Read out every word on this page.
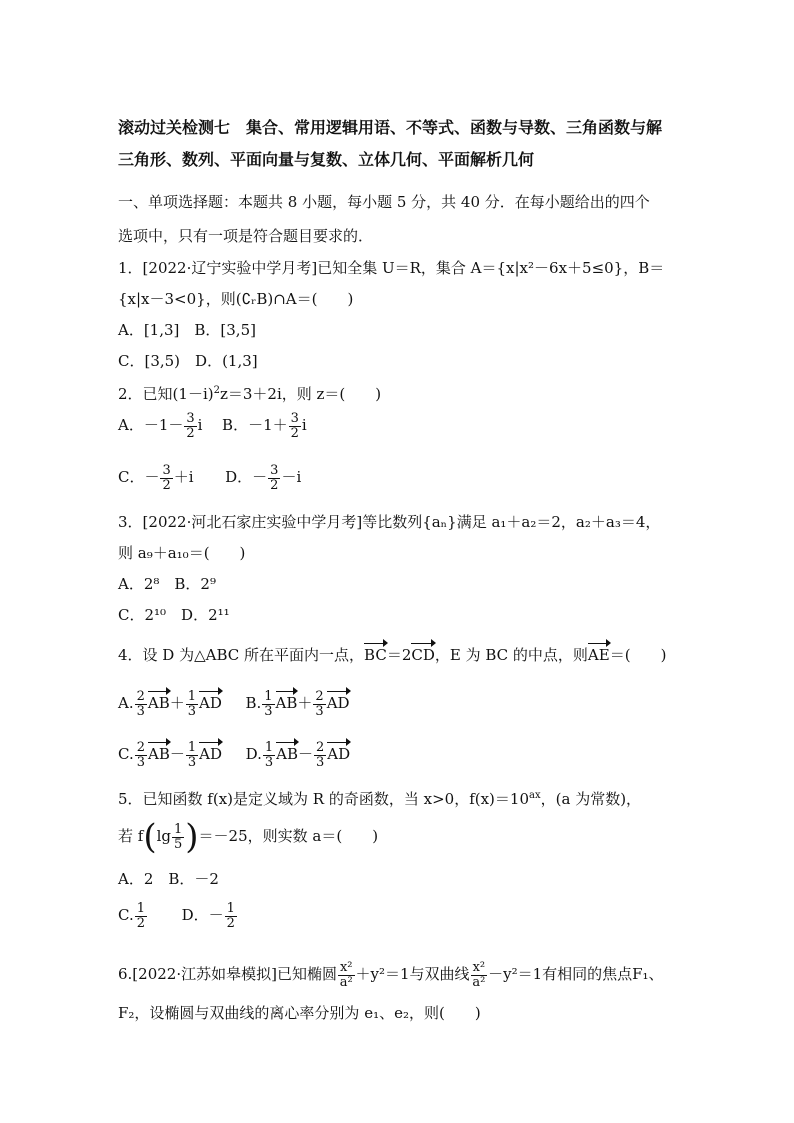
滚动过关检测七　集合、常用逻辑用语、不等式、函数与导数、三角函数与解
三角形、数列、平面向量与复数、立体几何、平面解析几何
一、单项选择题：本题共 8 小题，每小题 5 分，共 40 分．在每小题给出的四个
选项中，只有一项是符合题目要求的．
1．[2022·辽宁实验中学月考]已知全集 U＝R，集合 A＝{x|x²－6x＋5≤0}，B＝
{x|x－3<0}，则(∁ᵣB)∩A＝(　　)
A．[1,3]　B．[3,5]
C．[3,5)　D．(1,3]
2．已知$(1-i)^2z=3+2i$，则 z＝(　　)
A．$-1- \frac{3}{2}$ i B．$-1+ \frac{3}{2}$ i
C．－ $\frac{3}{2} +i$ D．－ $\frac{3}{2} -i$
3．[2022·河北石家庄实验中学月考]等比数列{aₙ}满足 a₁＋a₂＝2，a₂＋a₃＝4，
则 a₉＋a₁₀＝(　　)
A．2⁸　B．2⁹
C．2¹⁰　D．2¹¹
4．设 D 为△ABC 所在平面内一点，BC＝2CD，E 为 BC 的中点，则AE＝(　　)
A. $\frac{2}{3} AB+ \frac{1}{3}$ AD B. $\frac{1}{3} AB+ \frac{2}{3}$ AD
C. $\frac{2}{3} AB- \frac{1}{3}$ AD D. $\frac{1}{3} AB- \frac{2}{3}$ AD
5．已知函数 f(x)是定义域为 R 的奇函数，当 x>0，$f(x)=10^{ax}$，(a 为常数)，
若 $f(\lg \frac{1}{5} )=-25$，则实数 a＝(　　)
A．2　B．－2
C. $\frac{1}{2}$ D．－ $\frac{1}{2}$
6.[2022·江苏如皋模拟]已知椭圆 $\frac{\text{x²}}{\text{a²}} +y^2=1$与双曲线 $\frac{\text{x²}}{\text{a²}} -y^2=1$有相同的焦点F₁、
F₂，设椭圆与双曲线的离心率分别为 e₁、e₂，则(　　)
